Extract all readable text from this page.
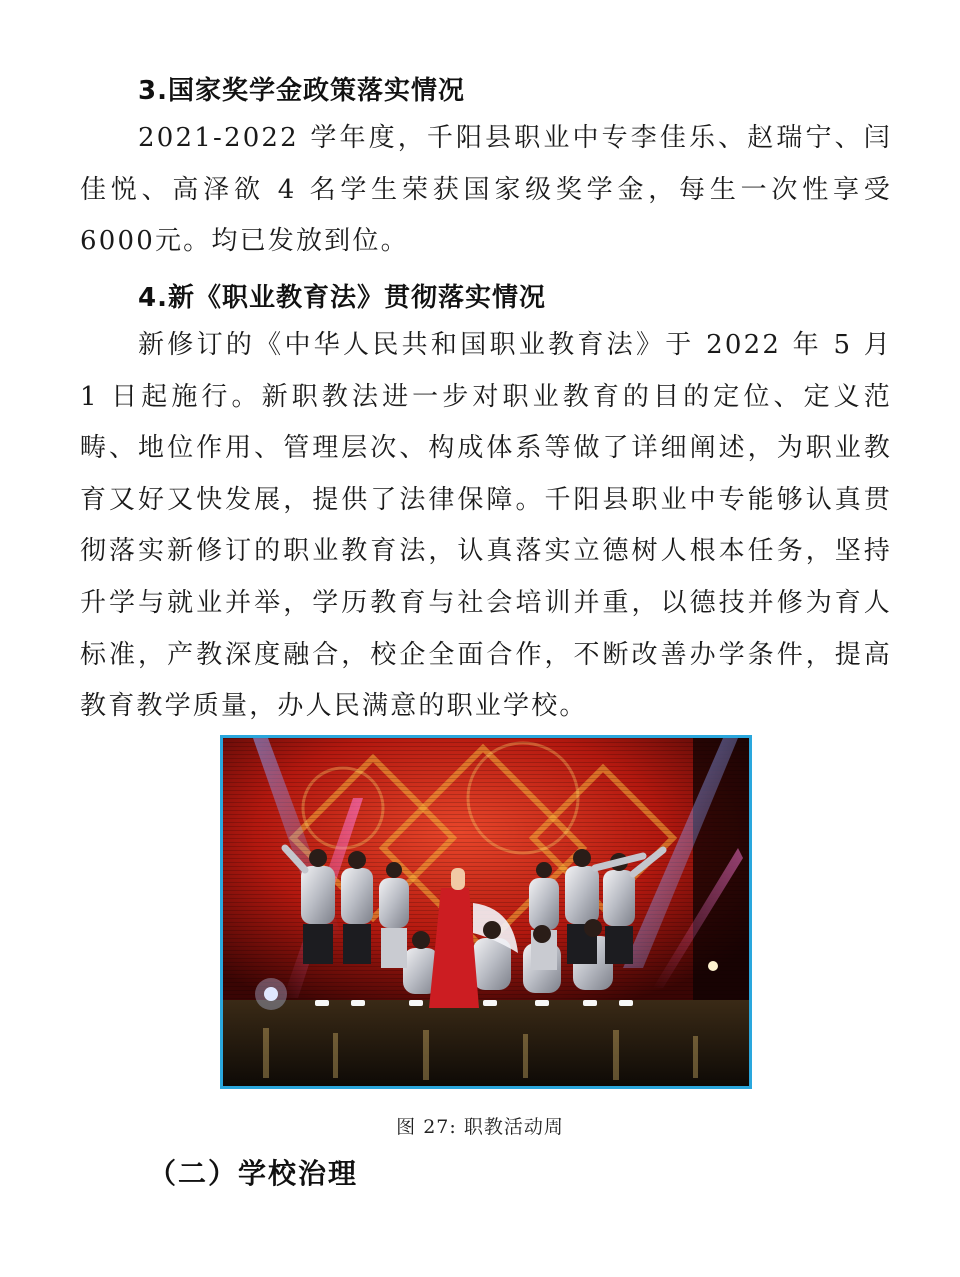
3.国家奖学金政策落实情况
2021-2022 学年度，千阳县职业中专李佳乐、赵瑞宁、闫佳悦、高泽欲 4 名学生荣获国家级奖学金，每生一次性享受 6000元。均已发放到位。
4.新《职业教育法》贯彻落实情况
新修订的《中华人民共和国职业教育法》于 2022 年 5 月 1 日起施行。新职教法进一步对职业教育的目的定位、定义范畴、地位作用、管理层次、构成体系等做了详细阐述，为职业教育又好又快发展，提供了法律保障。千阳县职业中专能够认真贯彻落实新修订的职业教育法，认真落实立德树人根本任务，坚持升学与就业并举，学历教育与社会培训并重，以德技并修为育人标准，产教深度融合，校企全面合作，不断改善办学条件，提高教育教学质量，办人民满意的职业学校。
图 27: 职教活动周
（二）学校治理
